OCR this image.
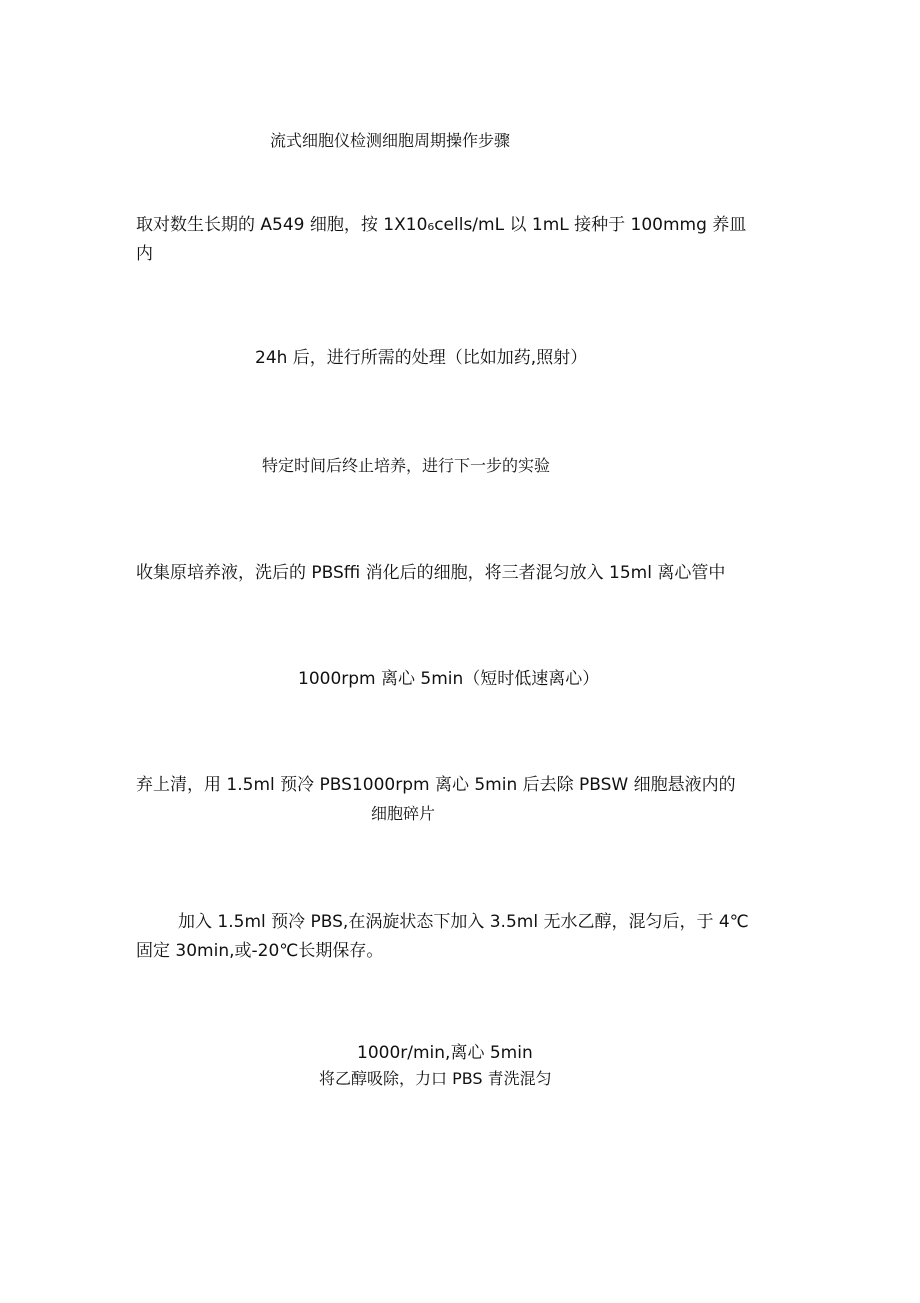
流式细胞仪检测细胞周期操作步骤
取对数生长期的 A549 细胞，按 1X10₆cells/mL 以 1mL 接种于 100mmg 养皿
内
24h 后，进行所需的处理（比如加药,照射）
特定时间后终止培养，进行下一步的实验
收集原培养液，洗后的 PBSffi 消化后的细胞，将三者混匀放入 15ml 离心管中
1000rpm 离心 5min（短时低速离心）
弃上清，用 1.5ml 预冷 PBS1000rpm 离心 5min 后去除 PBSW 细胞悬液内的
细胞碎片
加入 1.5ml 预冷 PBS,在涡旋状态下加入 3.5ml 无水乙醇，混匀后，于 4℃
固定 30min,或-20℃长期保存。
1000r/min,离心 5min
将乙醇吸除，力口 PBS 青洗混匀
